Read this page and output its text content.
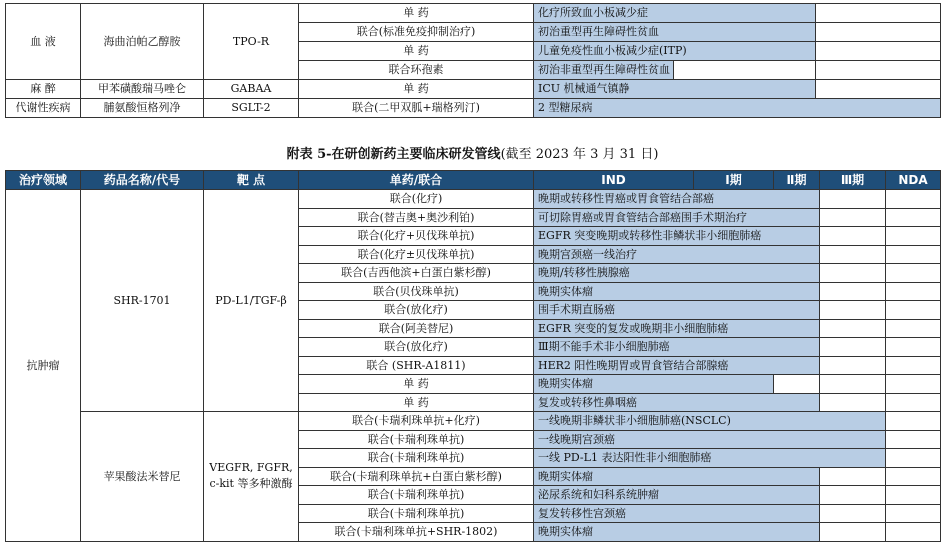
血 液	海曲泊帕乙醇胺	TPO-R	单 药	化疗所致血小板减少症		
			联合(标准免疫抑制治疗)	初治重型再生障碍性贫血		
			单 药	儿童免疫性血小板减少症(ITP)		
			联合环孢素	初治非重型再生障碍性贫血		
麻 醉	甲苯磺酸瑞马唑仑	GABAA	单 药	ICU 机械通气镇静		
代谢性疾病	脯氨酸恒格列净	SGLT-2	联合(二甲双胍+瑞格列汀)	2 型糖尿病		
附表 5-在研创新药主要临床研发管线(截至 2023 年 3 月 31 日)
治疗领域	药品名称/代号	靶 点	单药/联合	IND	Ⅰ期	Ⅱ期	Ⅲ期	NDA
抗肿瘤	SHR-1701	PD-L1/TGF-β	联合(化疗)	晚期或转移性胃癌或胃食管结合部癌				
			联合(替吉奥+奥沙利铂)	可切除胃癌或胃食管结合部癌围手术期治疗				
			联合(化疗+贝伐珠单抗)	EGFR 突变晚期或转移性非鳞状非小细胞肺癌				
			联合(化疗±贝伐珠单抗)	晚期宫颈癌一线治疗				
			联合(吉西他滨+白蛋白紫杉醇)	晚期/转移性胰腺癌				
			联合(贝伐珠单抗)	晚期实体瘤				
			联合(放化疗)	围手术期直肠癌				
			联合(阿美替尼)	EGFR 突变的复发或晚期非小细胞肺癌				
			联合(放化疗)	Ⅲ期不能手术非小细胞肺癌				
			联合 (SHR-A1811)	HER2 阳性晚期胃或胃食管结合部腺癌				
			单 药	晚期实体瘤				
			单 药	复发或转移性鼻咽癌				
	苹果酸法米替尼	VEGFR, FGFR, c-kit 等多种激酶	联合(卡瑞利珠单抗+化疗)	一线晚期非鳞状非小细胞肺癌(NSCLC)				
			联合(卡瑞利珠单抗)	一线晚期宫颈癌				
			联合(卡瑞利珠单抗)	一线 PD-L1 表达阳性非小细胞肺癌				
			联合(卡瑞利珠单抗+白蛋白紫杉醇)	晚期实体瘤				
			联合(卡瑞利珠单抗)	泌尿系统和妇科系统肿瘤				
			联合(卡瑞利珠单抗)	复发转移性宫颈癌				
			联合(卡瑞利珠单抗+SHR-1802)	晚期实体瘤				
